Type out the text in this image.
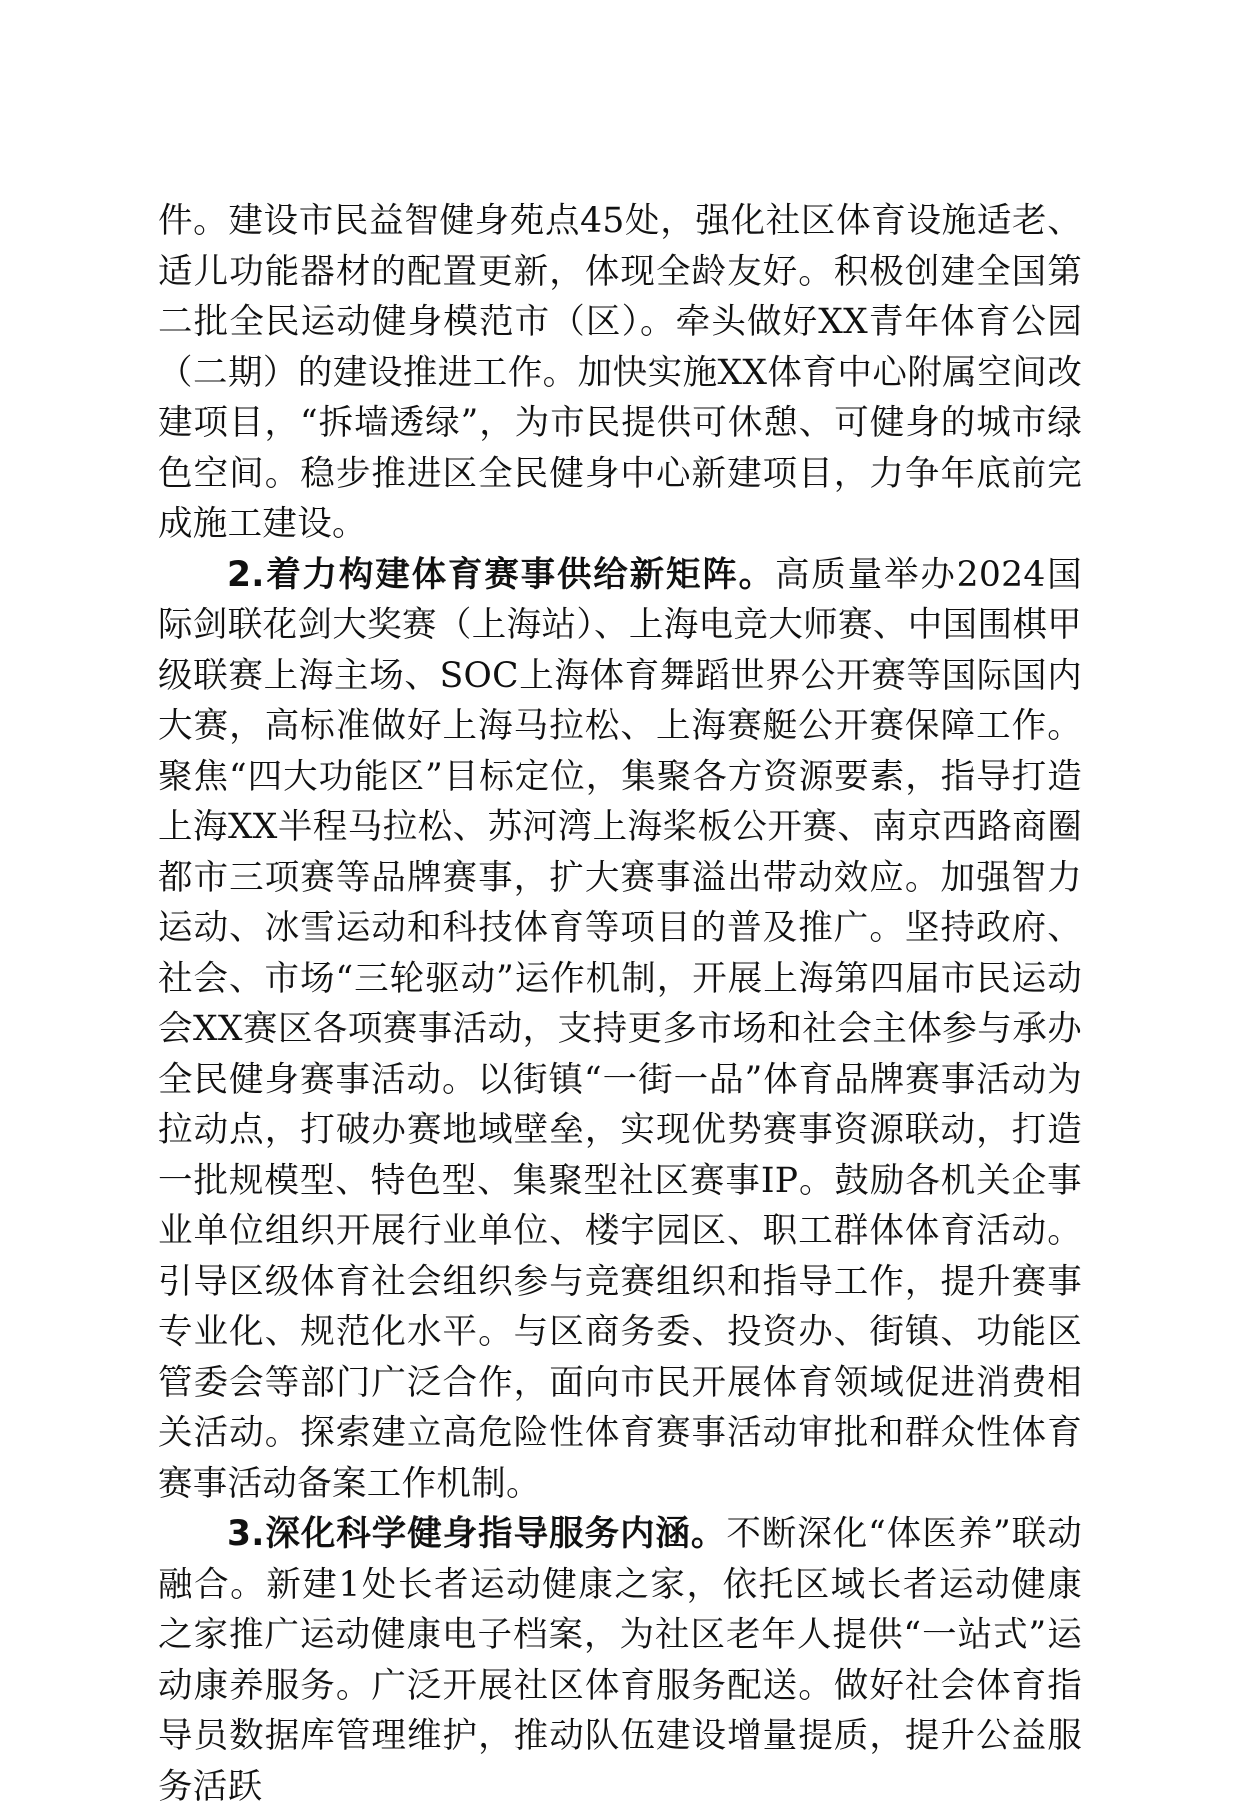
件。建设市民益智健身苑点45处，强化社区体育设施适老、适儿功能器材的配置更新，体现全龄友好。积极创建全国第二批全民运动健身模范市（区）。牵头做好XX青年体育公园（二期）的建设推进工作。加快实施XX体育中心附属空间改建项目，“拆墙透绿”，为市民提供可休憩、可健身的城市绿色空间。稳步推进区全民健身中心新建项目，力争年底前完成施工建设。

2.着力构建体育赛事供给新矩阵。高质量举办2024国际剑联花剑大奖赛（上海站）、上海电竞大师赛、中国围棋甲级联赛上海主场、SOC上海体育舞蹈世界公开赛等国际国内大赛，高标准做好上海马拉松、上海赛艇公开赛保障工作。聚焦“四大功能区”目标定位，集聚各方资源要素，指导打造上海XX半程马拉松、苏河湾上海桨板公开赛、南京西路商圈都市三项赛等品牌赛事，扩大赛事溢出带动效应。加强智力运动、冰雪运动和科技体育等项目的普及推广。坚持政府、社会、市场“三轮驱动”运作机制，开展上海第四届市民运动会XX赛区各项赛事活动，支持更多市场和社会主体参与承办全民健身赛事活动。以街镇“一街一品”体育品牌赛事活动为拉动点，打破办赛地域壁垒，实现优势赛事资源联动，打造一批规模型、特色型、集聚型社区赛事IP。鼓励各机关企事业单位组织开展行业单位、楼宇园区、职工群体体育活动。引导区级体育社会组织参与竞赛组织和指导工作，提升赛事专业化、规范化水平。与区商务委、投资办、街镇、功能区管委会等部门广泛合作，面向市民开展体育领域促进消费相关活动。探索建立高危险性体育赛事活动审批和群众性体育赛事活动备案工作机制。

3.深化科学健身指导服务内涵。不断深化“体医养”联动融合。新建1处长者运动健康之家，依托区域长者运动健康之家推广运动健康电子档案，为社区老年人提供“一站式”运动康养服务。广泛开展社区体育服务配送。做好社会体育指导员数据库管理维护，推动队伍建设增量提质，提升公益服务活跃
